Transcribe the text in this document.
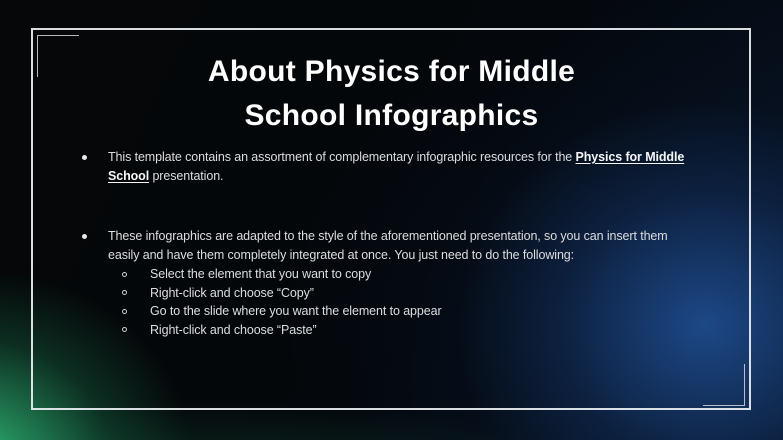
About Physics for Middle
School Infographics

This template contains an assortment of complementary infographic resources for the Physics for Middle
School presentation.

These infographics are adapted to the style of the aforementioned presentation, so you can insert them
easily and have them completely integrated at once. You just need to do the following:

Select the element that you want to copy
Right-click and choose “Copy”
Go to the slide where you want the element to appear
Right-click and choose “Paste”
